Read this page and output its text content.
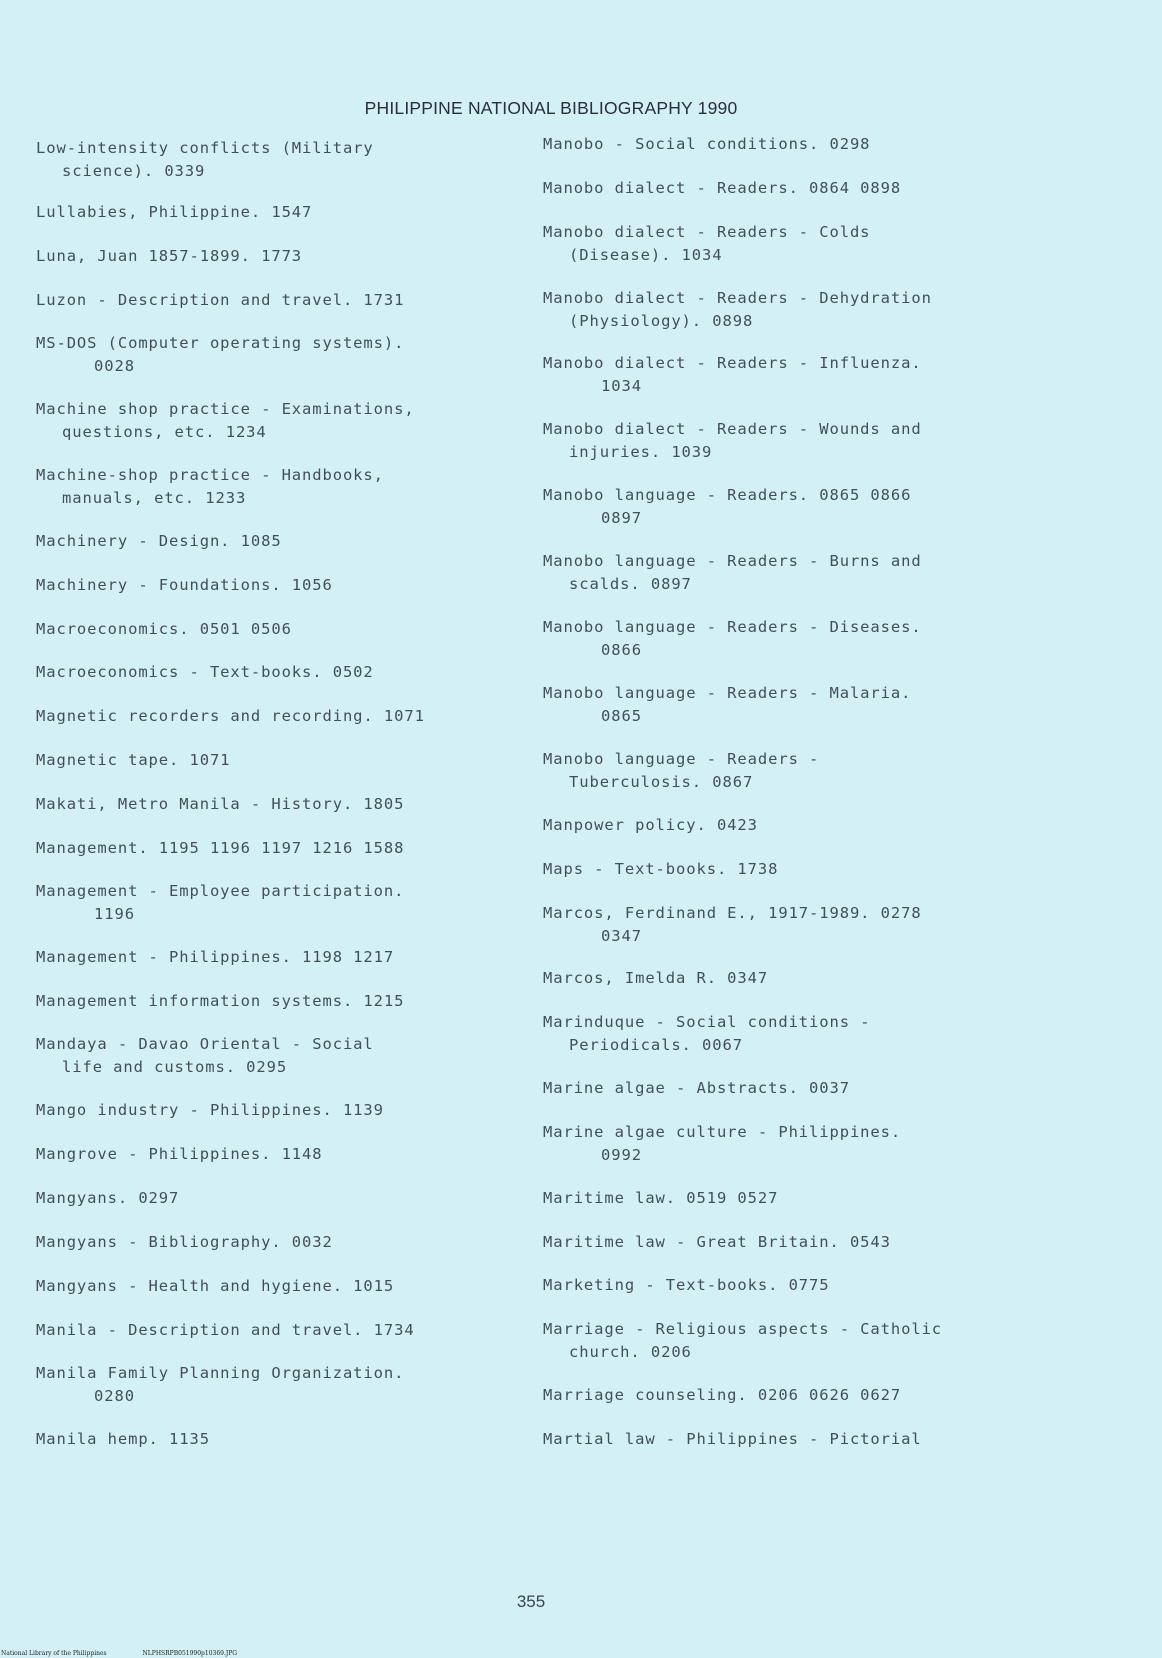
PHILIPPINE NATIONAL BIBLIOGRAPHY 1990
Low-intensity conflicts (Military
science). 0339
Lullabies, Philippine. 1547
Luna, Juan 1857-1899. 1773
Luzon - Description and travel. 1731
MS-DOS (Computer operating systems).
0028
Machine shop practice - Examinations,
questions, etc. 1234
Machine-shop practice - Handbooks,
manuals, etc. 1233
Machinery - Design. 1085
Machinery - Foundations. 1056
Macroeconomics. 0501 0506
Macroeconomics - Text-books. 0502
Magnetic recorders and recording. 1071
Magnetic tape. 1071
Makati, Metro Manila - History. 1805
Management. 1195 1196 1197 1216 1588
Management - Employee participation.
1196
Management - Philippines. 1198 1217
Management information systems. 1215
Mandaya - Davao Oriental - Social
life and customs. 0295
Mango industry - Philippines. 1139
Mangrove - Philippines. 1148
Mangyans. 0297
Mangyans - Bibliography. 0032
Mangyans - Health and hygiene. 1015
Manila - Description and travel. 1734
Manila Family Planning Organization.
0280
Manila hemp. 1135
Manobo - Social conditions. 0298
Manobo dialect - Readers. 0864 0898
Manobo dialect - Readers - Colds
(Disease). 1034
Manobo dialect - Readers - Dehydration
(Physiology). 0898
Manobo dialect - Readers - Influenza.
1034
Manobo dialect - Readers - Wounds and
injuries. 1039
Manobo language - Readers. 0865 0866
0897
Manobo language - Readers - Burns and
scalds. 0897
Manobo language - Readers - Diseases.
0866
Manobo language - Readers - Malaria.
0865
Manobo language - Readers -
Tuberculosis. 0867
Manpower policy. 0423
Maps - Text-books. 1738
Marcos, Ferdinand E., 1917-1989. 0278
0347
Marcos, Imelda R. 0347
Marinduque - Social conditions -
Periodicals. 0067
Marine algae - Abstracts. 0037
Marine algae culture - Philippines.
0992
Maritime law. 0519 0527
Maritime law - Great Britain. 0543
Marketing - Text-books. 0775
Marriage - Religious aspects - Catholic
church. 0206
Marriage counseling. 0206 0626 0627
Martial law - Philippines - Pictorial
355
National Library of the Philippines	NLPHSRPB051990p10369.JPG
